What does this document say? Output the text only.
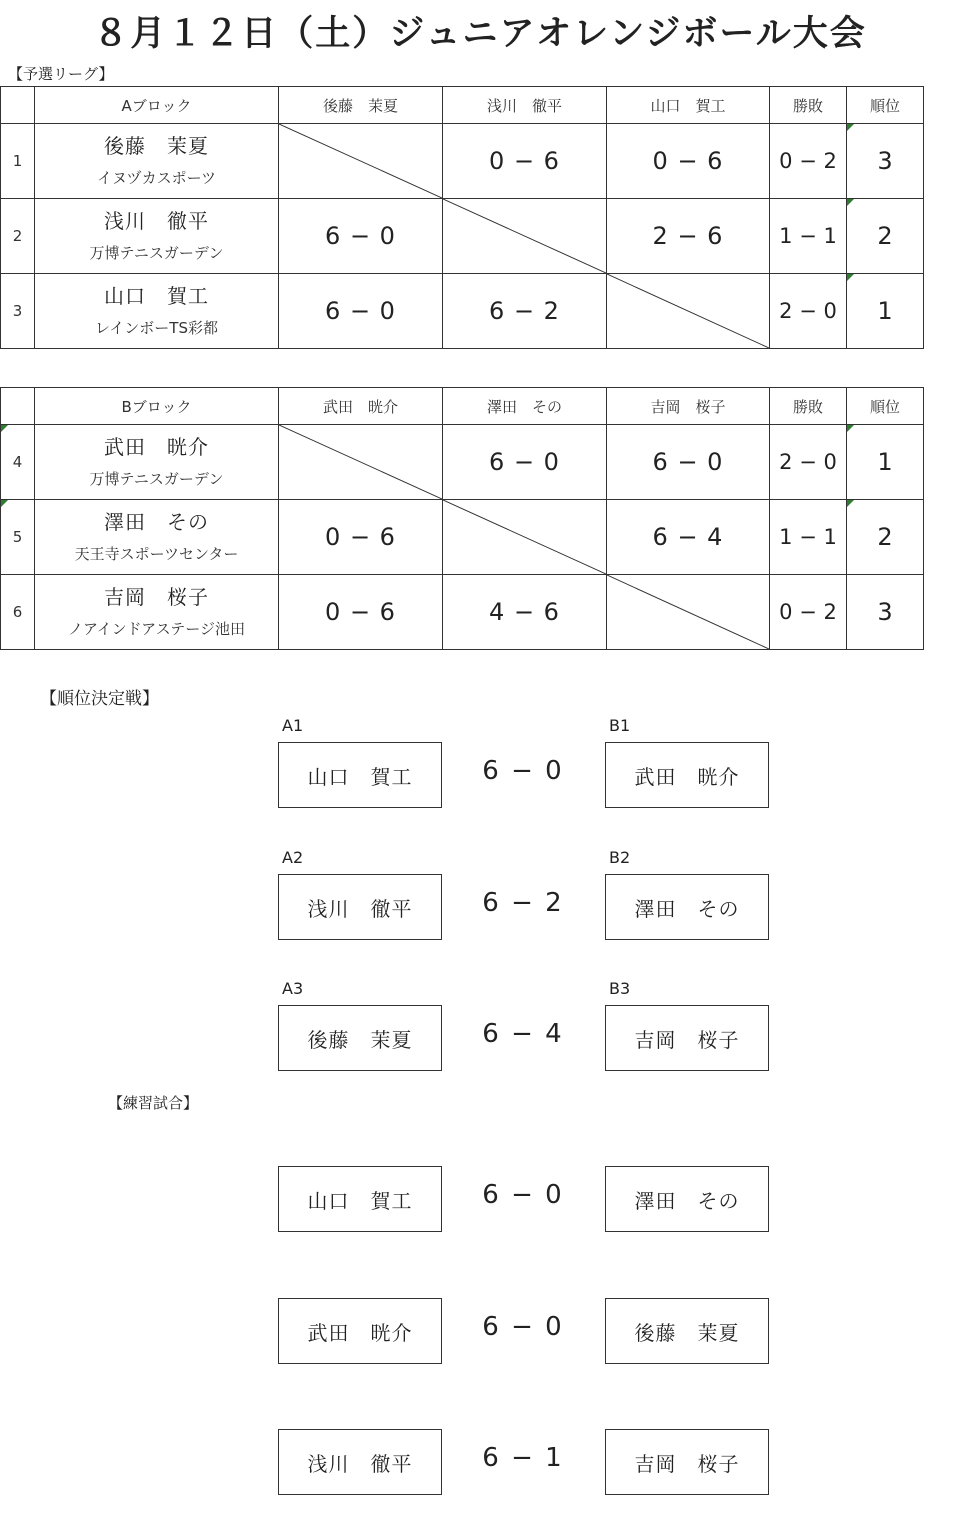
８月１２日（土）ジュニアオレンジボール大会
【予選リーグ】
	Aブロック	後藤　茉夏	浅川　徹平	山口　賀工	勝敗	順位
1	後藤　茉夏
イヌヅカスポーツ		0 − 6	0 − 6	0 − 2	3
2	浅川　徹平
万博テニスガーデン	6 − 0		2 − 6	1 − 1	2
3	山口　賀工
レインボーTS彩都	6 − 0	6 − 2		2 − 0	1
	Bブロック	武田　晄介	澤田　その	吉岡　桜子	勝敗	順位

4	武田　晄介
万博テニスガーデン		6 − 0	6 − 0	2 − 0	1

5	澤田　その
天王寺スポーツセンター	0 − 6		6 − 4	1 − 1	2
6	吉岡　桜子
ノアインドアステージ池田	0 − 6	4 − 6		0 − 2	3
【順位決定戦】
A1	B1
山口　賀工	6 − 0	武田　晄介
A2	B2
浅川　徹平	6 − 2	澤田　その
A3	B3
後藤　茉夏	6 − 4	吉岡　桜子
【練習試合】
山口　賀工	6 − 0	澤田　その
武田　晄介	6 − 0	後藤　茉夏
浅川　徹平	6 − 1	吉岡　桜子
